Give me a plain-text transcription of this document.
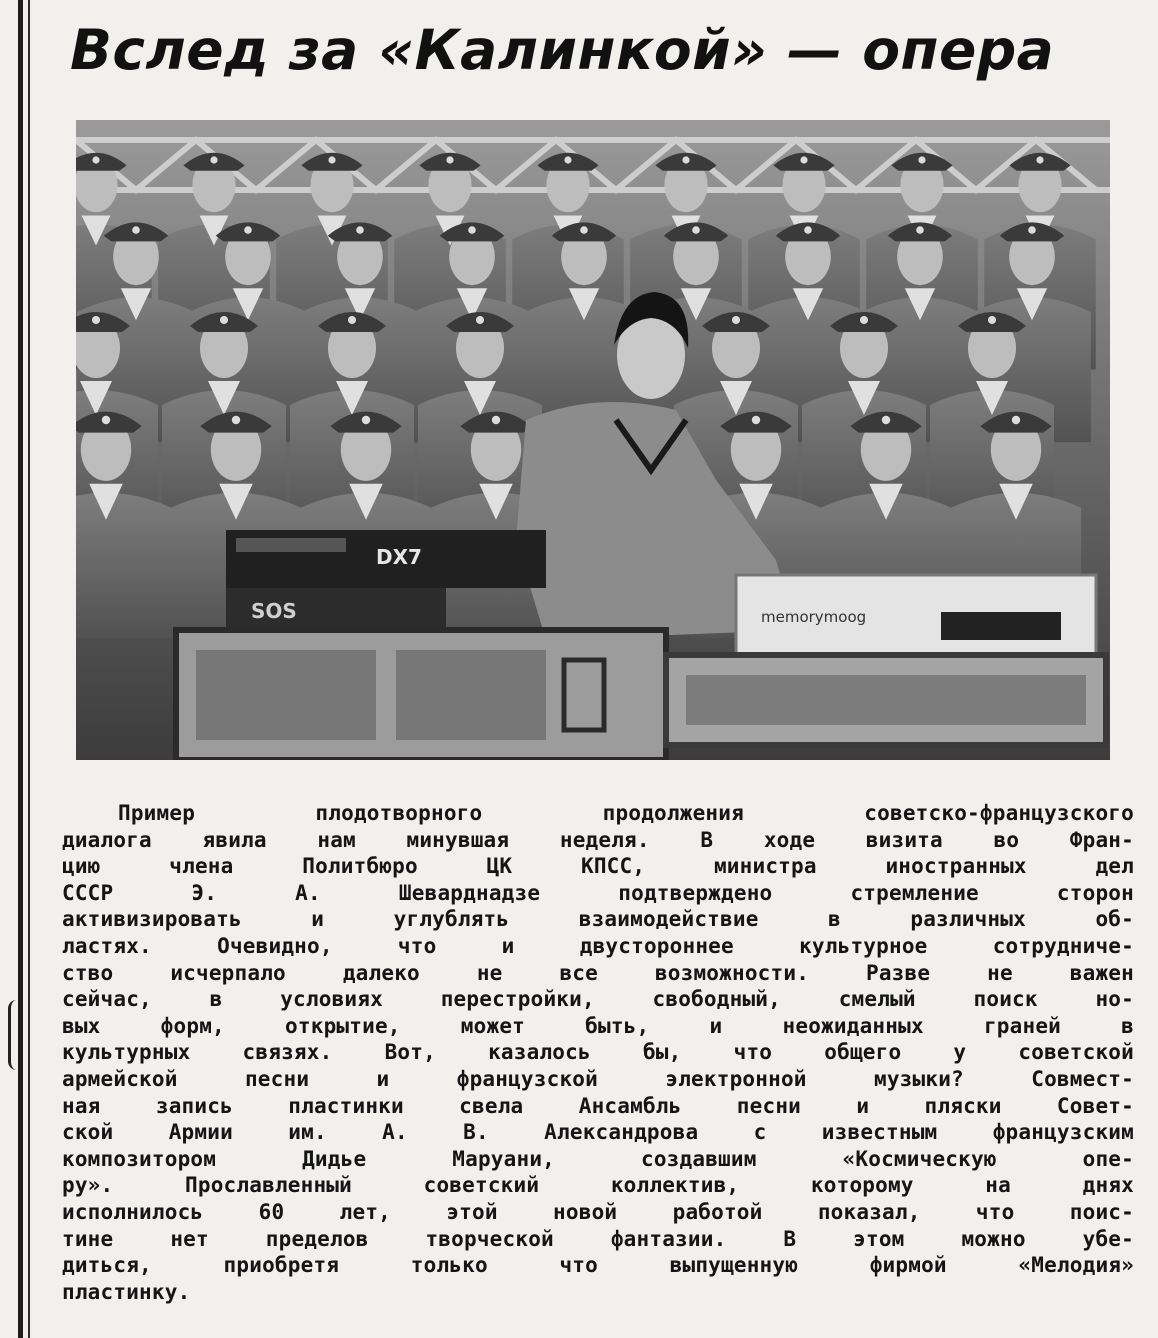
Вслед за «Калинкой» — опера
DX7
SOS	memorymoog
Пример плодотворного продолжения советско-французского
диалога явила нам минувшая неделя. В ходе визита во Фран-
цию члена Политбюро ЦК КПСС, министра иностранных дел
СССР Э. А. Шеварднадзе подтверждено стремление сторон
активизировать и углублять взаимодействие в различных об-
ластях. Очевидно, что и двустороннее культурное сотрудниче-
ство исчерпало далеко не все возможности. Разве не важен
сейчас, в условиях перестройки, свободный, смелый поиск но-
вых форм, открытие, может быть, и неожиданных граней в
культурных связях. Вот, казалось бы, что общего у советской
армейской песни и французской электронной музыки? Совмест-
ная запись пластинки свела Ансамбль песни и пляски Совет-
ской Армии им. А. В. Александрова с известным французским
композитором Дидье Маруани, создавшим «Космическую опе-
ру». Прославленный советский коллектив, которому на днях
исполнилось 60 лет, этой новой работой показал, что поис-
тине нет пределов творческой фантазии. В этом можно убе-
диться, приобретя только что выпущенную фирмой «Мелодия»
пластинку.
